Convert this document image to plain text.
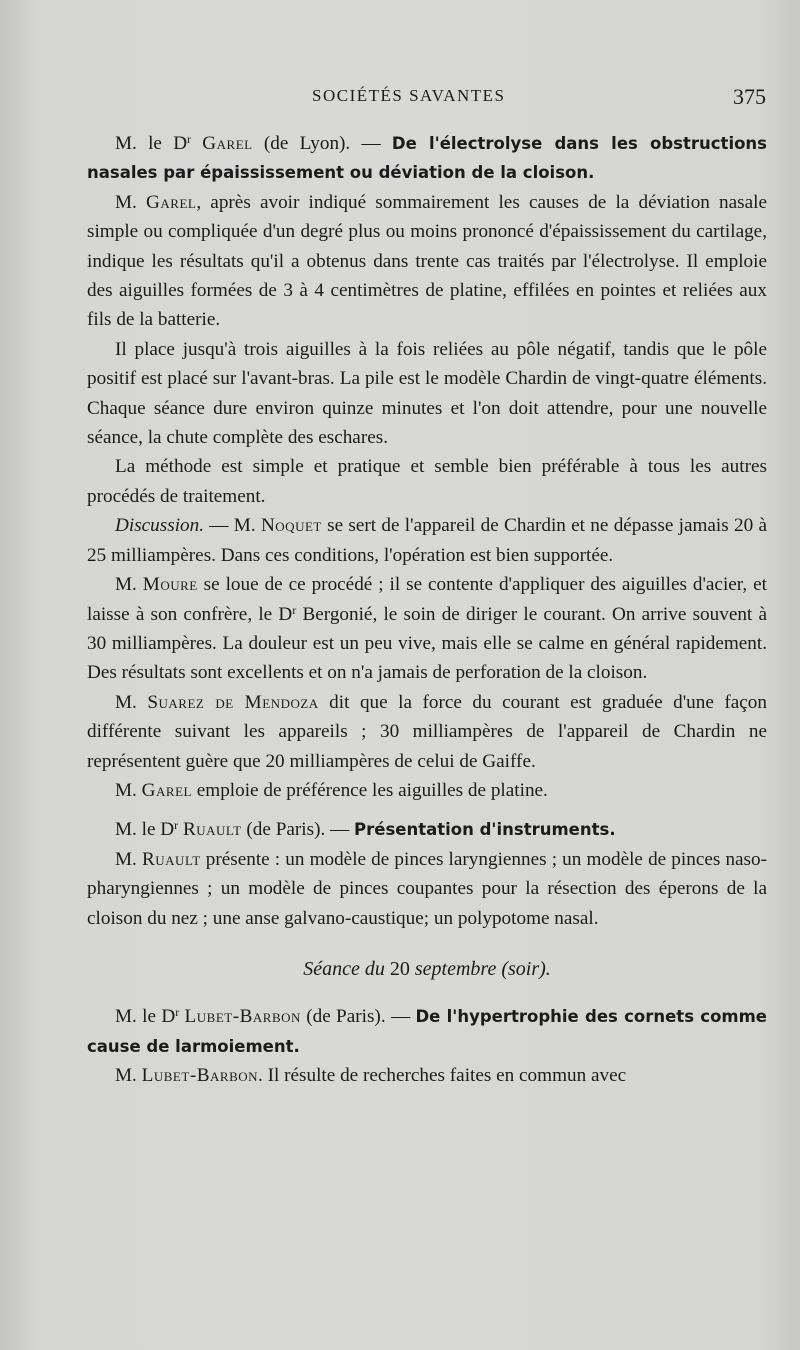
SOCIÉTÉS SAVANTES	375

M. le $D^r$ Garel (de Lyon). — De l'électrolyse dans les obstructions nasales par épaississement ou déviation de la cloison.

M. Garel, après avoir indiqué sommairement les causes de la déviation nasale simple ou compliquée d'un degré plus ou moins prononcé d'épaississement du cartilage, indique les résultats qu'il a obtenus dans trente cas traités par l'électrolyse. Il emploie des aiguilles formées de 3 à 4 centimètres de platine, effilées en pointes et reliées aux fils de la batterie.

Il place jusqu'à trois aiguilles à la fois reliées au pôle négatif, tandis que le pôle positif est placé sur l'avant-bras. La pile est le modèle Chardin de vingt-quatre éléments. Chaque séance dure environ quinze minutes et l'on doit attendre, pour une nouvelle séance, la chute complète des eschares.

La méthode est simple et pratique et semble bien préférable à tous les autres procédés de traitement.

Discussion. — M. Noquet se sert de l'appareil de Chardin et ne dépasse jamais 20 à 25 milliampères. Dans ces conditions, l'opération est bien supportée.

M. Moure se loue de ce procédé ; il se contente d'appliquer des aiguilles d'acier, et laisse à son confrère, le $D^r$ Bergonié, le soin de diriger le courant. On arrive souvent à 30 milliampères. La douleur est un peu vive, mais elle se calme en général rapidement. Des résultats sont excellents et on n'a jamais de perforation de la cloison.

M. Suarez de Mendoza dit que la force du courant est graduée d'une façon différente suivant les appareils ; 30 milliampères de l'appareil de Chardin ne représentent guère que 20 milliampères de celui de Gaiffe.

M. Garel emploie de préférence les aiguilles de platine.

M. le $D^r$ Ruault (de Paris). — Présentation d'instruments.

M. Ruault présente : un modèle de pinces laryngiennes ; un modèle de pinces naso-pharyngiennes ; un modèle de pinces coupantes pour la résection des éperons de la cloison du nez ; une anse galvano-caustique; un polypotome nasal.

Séance du 20 septembre (soir).

M. le $D^r$ Lubet-Barbon (de Paris). — De l'hypertrophie des cornets comme cause de larmoiement.

M. Lubet-Barbon. Il résulte de recherches faites en commun avec
